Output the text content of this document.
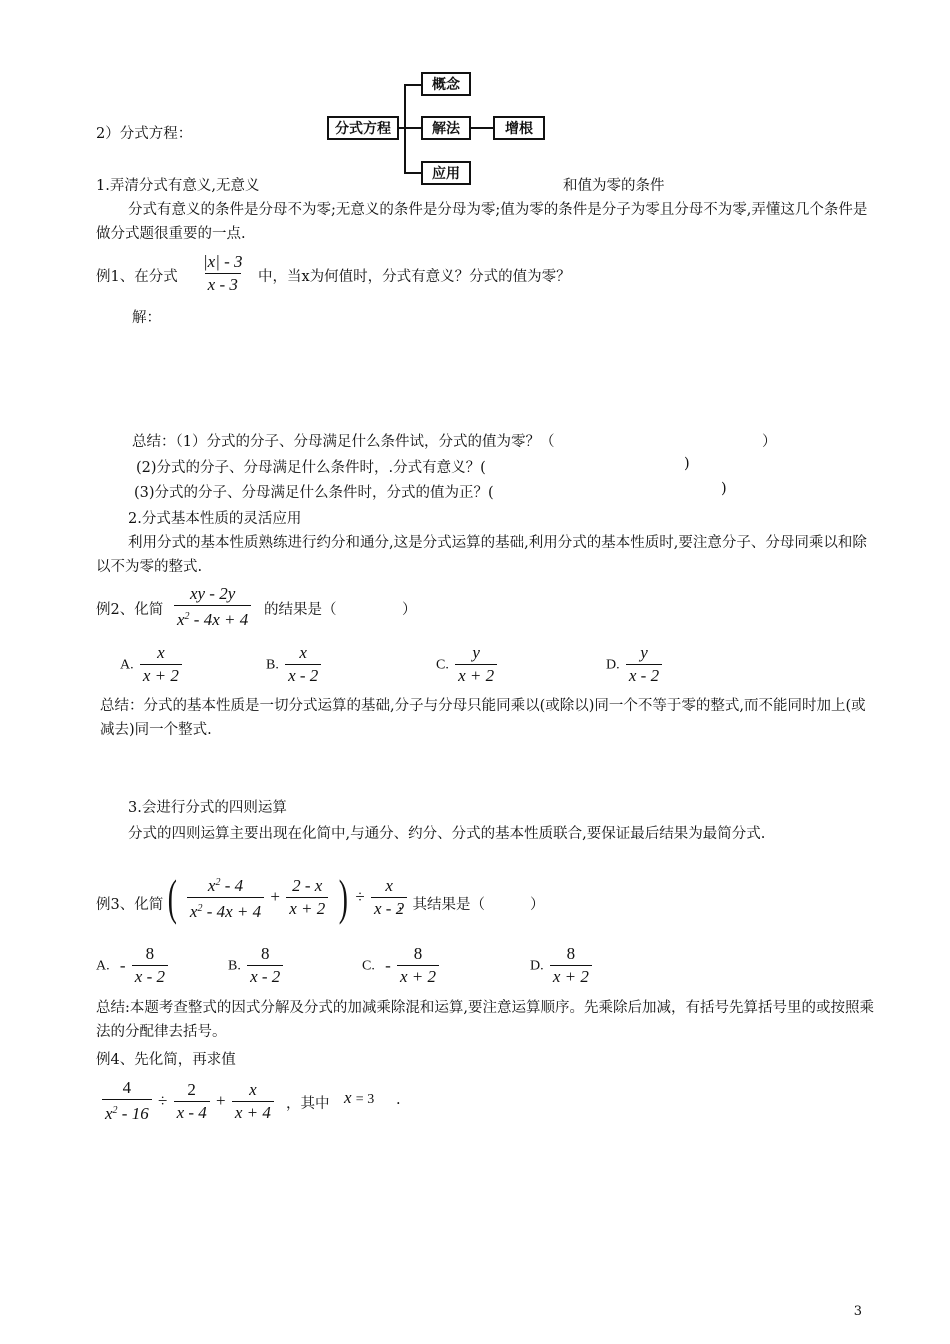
2）分式方程：	分式方程
概念
解法	增根
应用
1.弄清分式有意义,无意义	和值为零的条件
分式有意义的条件是分母不为零;无意义的条件是分母为零;值为零的条件是分子为零且分母不为零,弄懂这几个条件是做分式题很重要的一点.
例1、在分式 $\frac{|x| - 3}{x - 3}$ 中，当x为何值时，分式有意义？分式的值为零？
解：
总结：（1）分式的分子、分母满足什么条件试，分式的值为零？（	）
(2)分式的分子、分母满足什么条件时，.分式有意义？(	)
(3)分式的分子、分母满足什么条件时，分式的值为正？(	)
2.分式基本性质的灵活应用
利用分式的基本性质熟练进行约分和通分,这是分式运算的基础,利用分式的基本性质时,要注意分子、分母同乘以和除以不为零的整式.
例2、化简 $\frac{xy - 2y}{x^2 - 4x + 4}$ 的结果是（	）
A. $\frac{x}{x + 2}$	B. $\frac{x}{x - 2}$	C. $\frac{y}{x + 2}$	D. $\frac{y}{x - 2}$
总结：分式的基本性质是一切分式运算的基础,分子与分母只能同乘以(或除以)同一个不等于零的整式,而不能同时加上(或减去)同一个整式.
3.会进行分式的四则运算
分式的四则运算主要出现在化简中,与通分、约分、分式的基本性质联合,要保证最后结果为最简分式.
例3、化简 ( $\frac{x^2 - 4}{x^2 - 4x + 4} + \frac{2 - x}{x + 2}$ ) ÷ $\frac{x}{x - 2}$
，其结果是（	）
A. - $\frac{8}{x - 2}$	B. $\frac{8}{x - 2}$	C. - $\frac{8}{x + 2}$	D. $\frac{8}{x + 2}$
总结:本题考查整式的因式分解及分式的加减乘除混和运算,要注意运算顺序。先乘除后加减，有括号先算括号里的或按照乘法的分配律去括号。
例4、先化简，再求值
$\frac{4}{x^2 - 16} \div \frac{2}{x - 4} + \frac{x}{x + 4}$ ，其中 x = 3 .
3
